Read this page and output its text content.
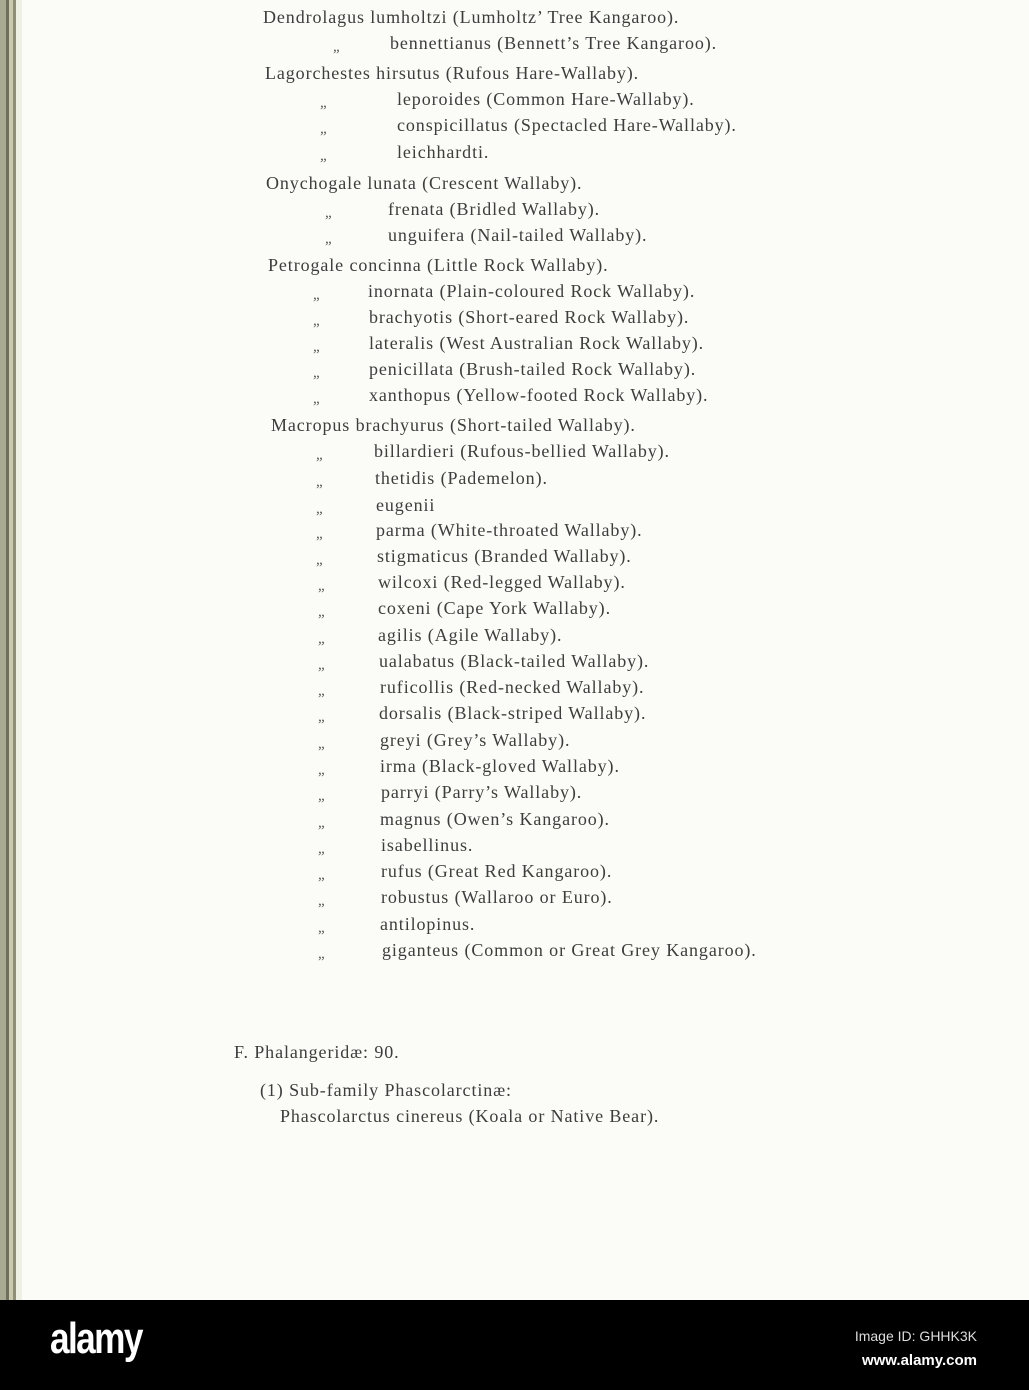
Dendrolagus lumholtzi (Lumholtz’ Tree Kangaroo).
„	bennettianus (Bennett’s Tree Kangaroo).
Lagorchestes hirsutus (Rufous Hare-Wallaby).
„	leporoides (Common Hare-Wallaby).
„	conspicillatus (Spectacled Hare-Wallaby).
„	leichhardti.
Onychogale lunata (Crescent Wallaby).
„	frenata (Bridled Wallaby).
„	unguifera (Nail-tailed Wallaby).
Petrogale concinna (Little Rock Wallaby).
„	inornata (Plain-coloured Rock Wallaby).
„	brachyotis (Short-eared Rock Wallaby).
„	lateralis (West Australian Rock Wallaby).
„	penicillata (Brush-tailed Rock Wallaby).
„	xanthopus (Yellow-footed Rock Wallaby).
Macropus brachyurus (Short-tailed Wallaby).
„	billardieri (Rufous-bellied Wallaby).
„	thetidis (Pademelon).
„	eugenii
„	parma (White-throated Wallaby).
„	stigmaticus (Branded Wallaby).
„	wilcoxi (Red-legged Wallaby).
„	coxeni (Cape York Wallaby).
„	agilis (Agile Wallaby).
„	ualabatus (Black-tailed Wallaby).
„	ruficollis (Red-necked Wallaby).
„	dorsalis (Black-striped Wallaby).
„	greyi (Grey’s Wallaby).
„	irma (Black-gloved Wallaby).
„	parryi (Parry’s Wallaby).
„	magnus (Owen’s Kangaroo).
„	isabellinus.
„	rufus (Great Red Kangaroo).
„	robustus (Wallaroo or Euro).
„	antilopinus.
„	giganteus (Common or Great Grey Kangaroo).
F. Phalangeridæ: 90.
(1) Sub-family Phascolarctinæ:
Phascolarctus cinereus (Koala or Native Bear).
alamy	Image ID: GHHK3K
www.alamy.com
